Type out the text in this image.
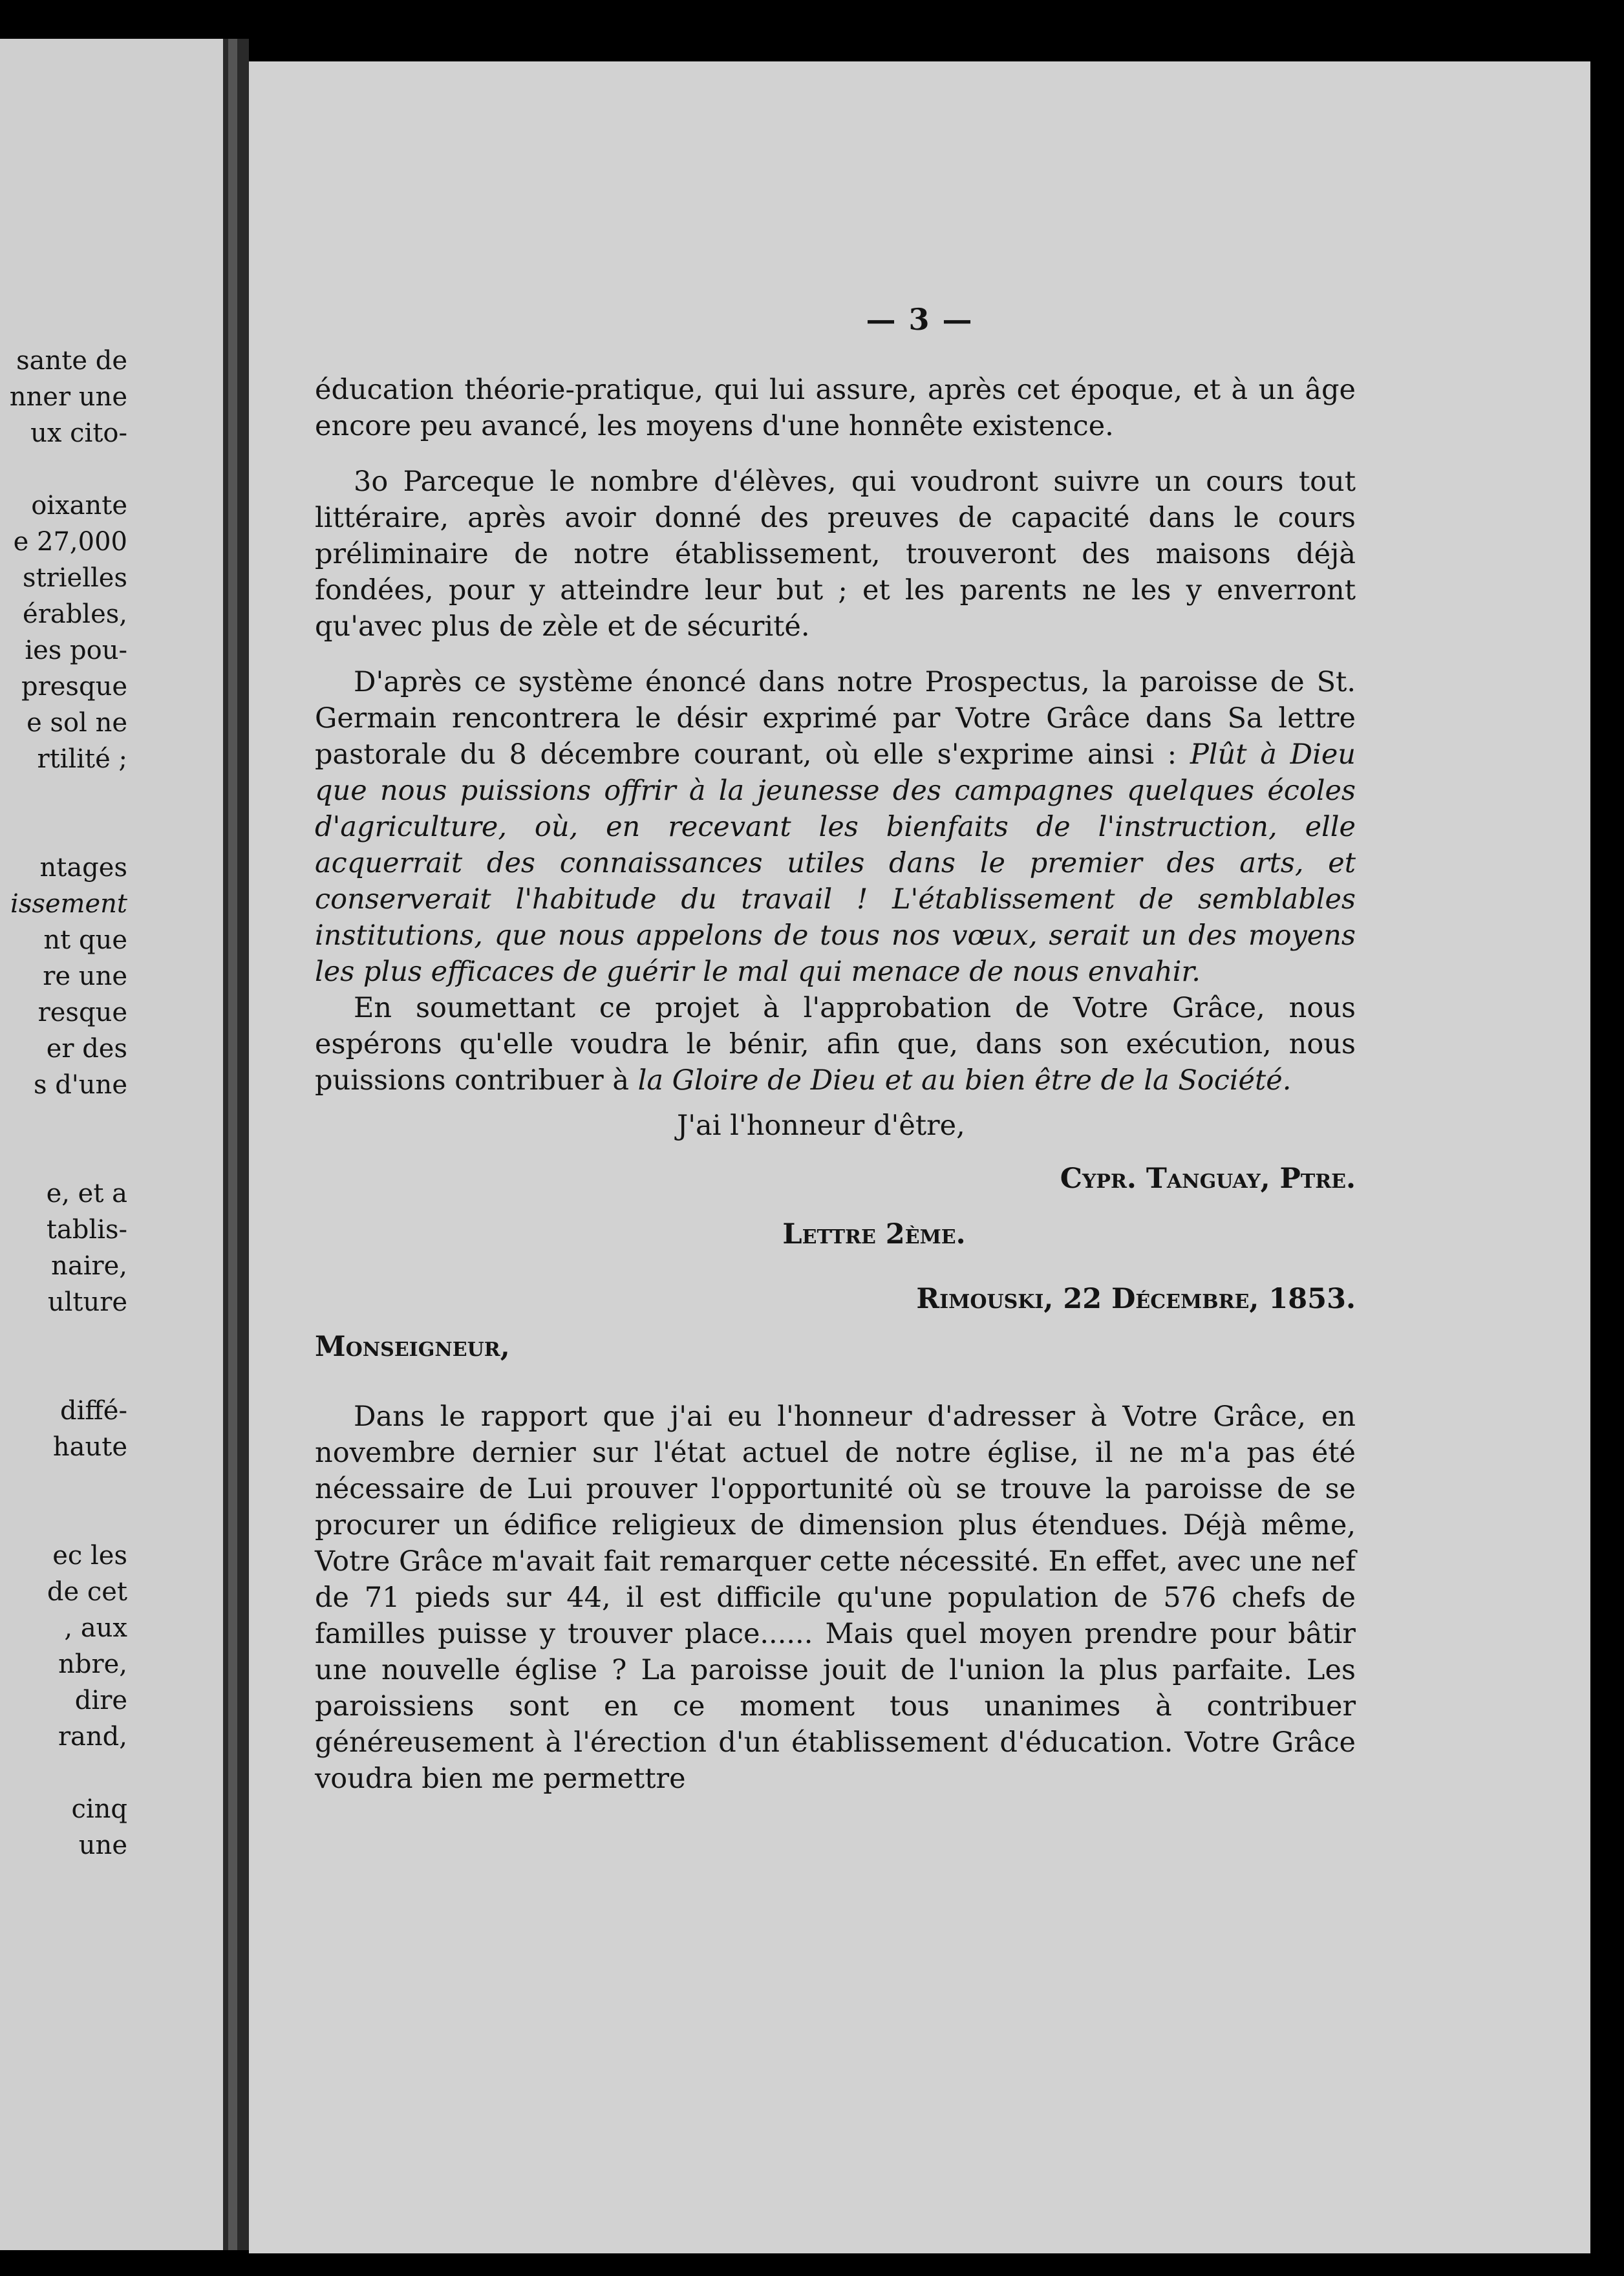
sante de
nner une
ux cito-
oixante
e 27,000
strielles
érables,
ies pou-
presque
e sol ne
rtilité ;
ntages
issement
nt que
re une
resque
er des
s d'une
e, et a
tablis-
naire,
ulture
diffé-
haute
ec les
de cet
, aux
nbre,
dire
rand,
cinq
une
— 3 —

éducation théorie-pratique, qui lui assure, après cet époque, et à un âge encore peu avancé, les moyens d'une honnête existence.

3o Parceque le nombre d'élèves, qui voudront suivre un cours tout littéraire, après avoir donné des preuves de capacité dans le cours préliminaire de notre établissement, trouveront des maisons déjà fondées, pour y atteindre leur but ; et les parents ne les y enverront qu'avec plus de zèle et de sécurité.

D'après ce système énoncé dans notre Prospectus, la paroisse de St. Germain rencontrera le désir exprimé par Votre Grâce dans Sa lettre pastorale du 8 décembre courant, où elle s'exprime ainsi : Plût à Dieu que nous puissions offrir à la jeunesse des campagnes quelques écoles d'agriculture, où, en recevant les bienfaits de l'instruction, elle acquerrait des connaissances utiles dans le premier des arts, et conserverait l'habitude du travail ! L'établissement de semblables institutions, que nous appelons de tous nos vœux, serait un des moyens les plus efficaces de guérir le mal qui menace de nous envahir.

En soumettant ce projet à l'approbation de Votre Grâce, nous espérons qu'elle voudra le bénir, afin que, dans son exécution, nous puissions contribuer à la Gloire de Dieu et au bien être de la Société.

J'ai l'honneur d'être,

Cypr. Tanguay, Ptre.

Lettre 2ème.

Rimouski, 22 Décembre, 1853.

Monseigneur,

Dans le rapport que j'ai eu l'honneur d'adresser à Votre Grâce, en novembre dernier sur l'état actuel de notre église, il ne m'a pas été nécessaire de Lui prouver l'opportunité où se trouve la paroisse de se procurer un édifice religieux de dimension plus étendues. Déjà même, Votre Grâce m'avait fait remarquer cette nécessité. En effet, avec une nef de 71 pieds sur 44, il est difficile qu'une population de 576 chefs de familles puisse y trouver place...... Mais quel moyen prendre pour bâtir une nouvelle église ? La paroisse jouit de l'union la plus parfaite. Les paroissiens sont en ce moment tous unanimes à contribuer généreusement à l'érection d'un établissement d'éducation. Votre Grâce voudra bien me permettre
